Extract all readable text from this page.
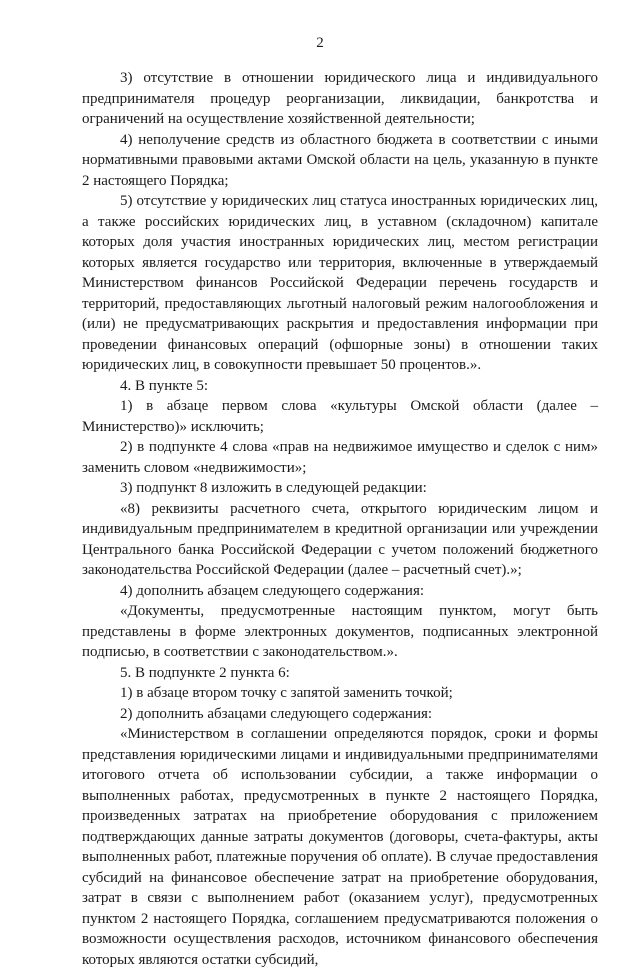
2

3) отсутствие в отношении юридического лица и индивидуального предпринимателя процедур реорганизации, ликвидации, банкротства и ограничений на осуществление хозяйственной деятельности;

4) неполучение средств из областного бюджета в соответствии с иными нормативными правовыми актами Омской области на цель, указанную в пункте 2 настоящего Порядка;

5) отсутствие у юридических лиц статуса иностранных юридических лиц, а также российских юридических лиц, в уставном (складочном) капитале которых доля участия иностранных юридических лиц, местом регистрации которых является государство или территория, включенные в утверждаемый Министерством финансов Российской Федерации перечень государств и территорий, предоставляющих льготный налоговый режим налогообложения и (или) не предусматривающих раскрытия и предоставления информации при проведении финансовых операций (офшорные зоны) в отношении таких юридических лиц, в совокупности превышает 50 процентов.».

4. В пункте 5:

1) в абзаце первом слова «культуры Омской области (далее – Министерство)» исключить;

2) в подпункте 4 слова «прав на недвижимое имущество и сделок с ним» заменить словом «недвижимости»;

3) подпункт 8 изложить в следующей редакции:

«8) реквизиты расчетного счета, открытого юридическим лицом и индивидуальным предпринимателем в кредитной организации или учреждении Центрального банка Российской Федерации с учетом положений бюджетного законодательства Российской Федерации (далее – расчетный счет).»;

4) дополнить абзацем следующего содержания:

«Документы, предусмотренные настоящим пунктом, могут быть представлены в форме электронных документов, подписанных электронной подписью, в соответствии с законодательством.».

5. В подпункте 2 пункта 6:

1) в абзаце втором точку с запятой заменить точкой;

2) дополнить абзацами следующего содержания:

«Министерством в соглашении определяются порядок, сроки и формы представления юридическими лицами и индивидуальными предпринимателями итогового отчета об использовании субсидии, а также информации о выполненных работах, предусмотренных в пункте 2 настоящего Порядка, произведенных затратах на приобретение оборудования с приложением подтверждающих данные затраты документов (договоры, счета-фактуры, акты выполненных работ, платежные поручения об оплате). В случае предоставления субсидий на финансовое обеспечение затрат на приобретение оборудования, затрат в связи с выполнением работ (оказанием услуг), предусмотренных пунктом 2 настоящего Порядка, соглашением предусматриваются положения о возможности осуществления расходов, источником финансового обеспечения которых являются остатки субсидий,
